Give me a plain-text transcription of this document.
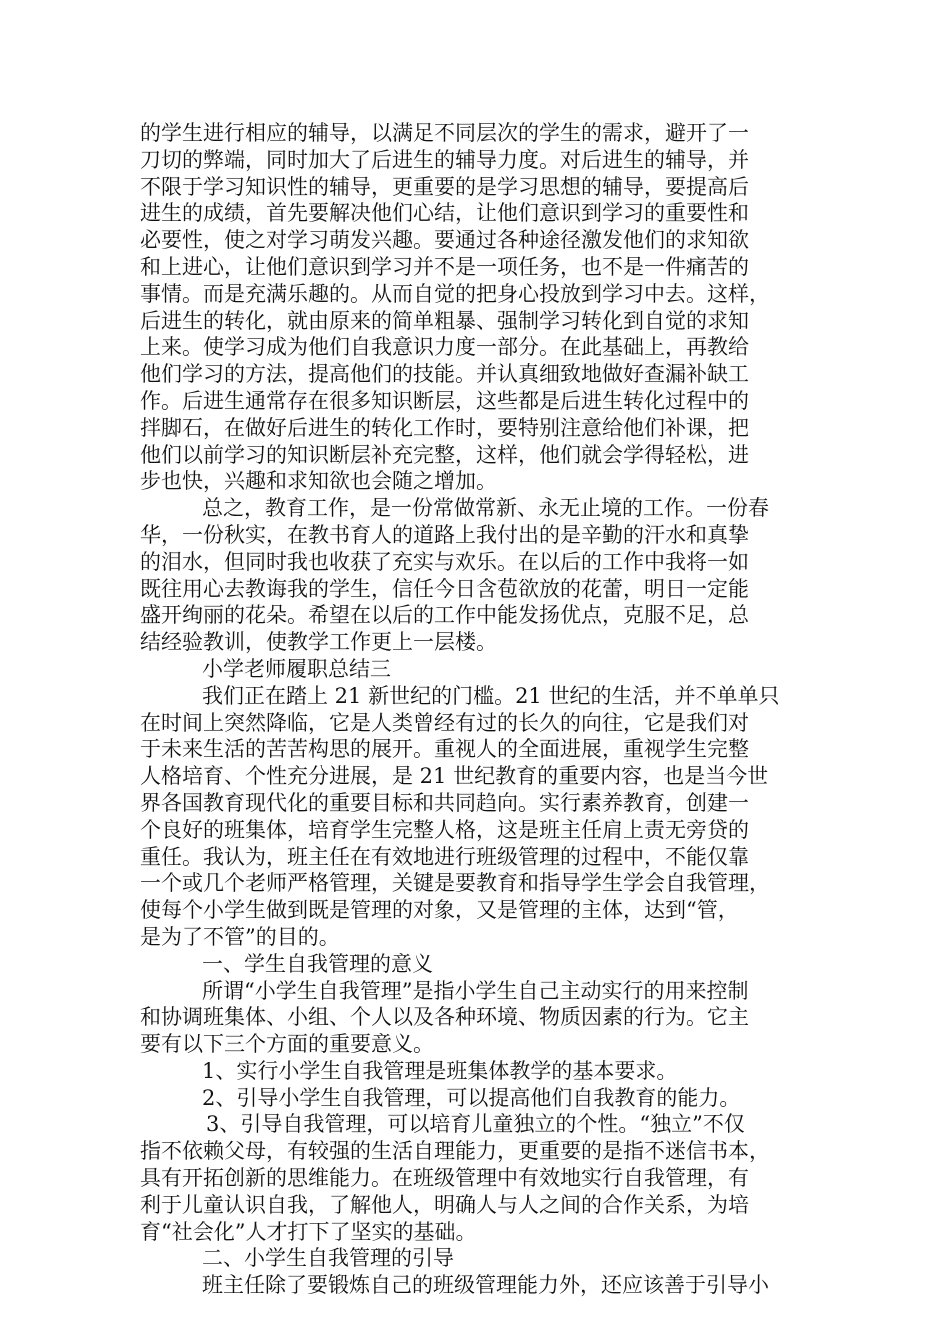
的学生进行相应的辅导，以满足不同层次的学生的需求，避开了一
刀切的弊端，同时加大了后进生的辅导力度。对后进生的辅导，并
不限于学习知识性的辅导，更重要的是学习思想的辅导，要提高后
进生的成绩，首先要解决他们心结，让他们意识到学习的重要性和
必要性，使之对学习萌发兴趣。要通过各种途径激发他们的求知欲
和上进心，让他们意识到学习并不是一项任务，也不是一件痛苦的
事情。而是充满乐趣的。从而自觉的把身心投放到学习中去。这样，
后进生的转化，就由原来的简单粗暴、强制学习转化到自觉的求知
上来。使学习成为他们自我意识力度一部分。在此基础上，再教给
他们学习的方法，提高他们的技能。并认真细致地做好查漏补缺工
作。后进生通常存在很多知识断层，这些都是后进生转化过程中的
拌脚石，在做好后进生的转化工作时，要特别注意给他们补课，把
他们以前学习的知识断层补充完整，这样，他们就会学得轻松，进
步也快，兴趣和求知欲也会随之增加。
总之，教育工作，是一份常做常新、永无止境的工作。一份春
华，一份秋实，在教书育人的道路上我付出的是辛勤的汗水和真挚
的泪水，但同时我也收获了充实与欢乐。在以后的工作中我将一如
既往用心去教诲我的学生，信任今日含苞欲放的花蕾，明日一定能
盛开绚丽的花朵。希望在以后的工作中能发扬优点，克服不足，总
结经验教训，使教学工作更上一层楼。
小学老师履职总结三
我们正在踏上 21 新世纪的门槛。21 世纪的生活，并不单单只
在时间上突然降临，它是人类曾经有过的长久的向往，它是我们对
于未来生活的苦苦构思的展开。重视人的全面进展，重视学生完整
人格培育、个性充分进展，是 21 世纪教育的重要内容，也是当今世
界各国教育现代化的重要目标和共同趋向。实行素养教育，创建一
个良好的班集体，培育学生完整人格，这是班主任肩上责无旁贷的
重任。我认为，班主任在有效地进行班级管理的过程中，不能仅靠
一个或几个老师严格管理，关键是要教育和指导学生学会自我管理，
使每个小学生做到既是管理的对象，又是管理的主体，达到“管，
是为了不管”的目的。
一、学生自我管理的意义
所谓“小学生自我管理”是指小学生自己主动实行的用来控制
和协调班集体、小组、个人以及各种环境、物质因素的行为。它主
要有以下三个方面的重要意义。
1、实行小学生自我管理是班集体教学的基本要求。
2、引导小学生自我管理，可以提高他们自我教育的能力。
3、引导自我管理，可以培育儿童独立的个性。“独立”不仅
指不依赖父母，有较强的生活自理能力，更重要的是指不迷信书本，
具有开拓创新的思维能力。在班级管理中有效地实行自我管理，有
利于儿童认识自我，了解他人，明确人与人之间的合作关系，为培
育“社会化”人才打下了坚实的基础。
二、小学生自我管理的引导
班主任除了要锻炼自己的班级管理能力外，还应该善于引导小
